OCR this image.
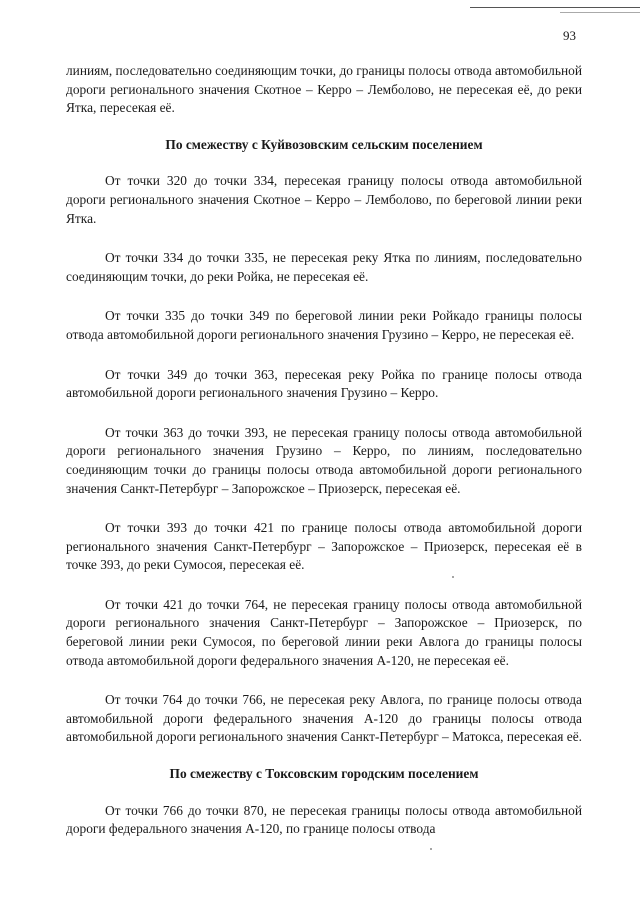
93

линиям, последовательно соединяющим точки, до границы полосы отвода автомобильной дороги регионального значения Скотное – Керро – Лемболово, не пересекая её, до реки Ятка, пересекая её.

По смежеству с Куйвозовским сельским поселением

От точки 320 до точки 334, пересекая границу полосы отвода автомобильной дороги регионального значения Скотное – Керро – Лемболово, по береговой линии реки Ятка.

От точки 334 до точки 335, не пересекая реку Ятка по линиям, последовательно соединяющим точки, до реки Ройка, не пересекая её.

От точки 335 до точки 349 по береговой линии реки Ройкадо границы полосы отвода автомобильной дороги регионального значения Грузино – Керро, не пересекая её.

От точки 349 до точки 363, пересекая реку Ройка по границе полосы отвода автомобильной дороги регионального значения Грузино – Керро.

От точки 363 до точки 393, не пересекая границу полосы отвода автомобильной дороги регионального значения Грузино – Керро, по линиям, последовательно соединяющим точки до границы полосы отвода автомобильной дороги регионального значения Санкт-Петербург – Запорожское – Приозерск, пересекая её.

От точки 393 до точки 421 по границе полосы отвода автомобильной дороги регионального значения Санкт-Петербург – Запорожское – Приозерск, пересекая её в точке 393, до реки Сумосоя, пересекая её.

От точки 421 до точки 764, не пересекая границу полосы отвода автомобильной дороги регионального значения Санкт-Петербург – Запорожское – Приозерск, по береговой линии реки Сумосоя, по береговой линии реки Авлога до границы полосы отвода автомобильной дороги федерального значения А-120, не пересекая её.

От точки 764 до точки 766, не пересекая реку Авлога, по границе полосы отвода автомобильной дороги федерального значения А-120 до границы полосы отвода автомобильной дороги регионального значения Санкт-Петербург – Матокса, пересекая её.

По смежеству с Токсовским городским поселением

От точки 766 до точки 870, не пересекая границы полосы отвода автомобильной дороги федерального значения А-120, по границе полосы отвода
